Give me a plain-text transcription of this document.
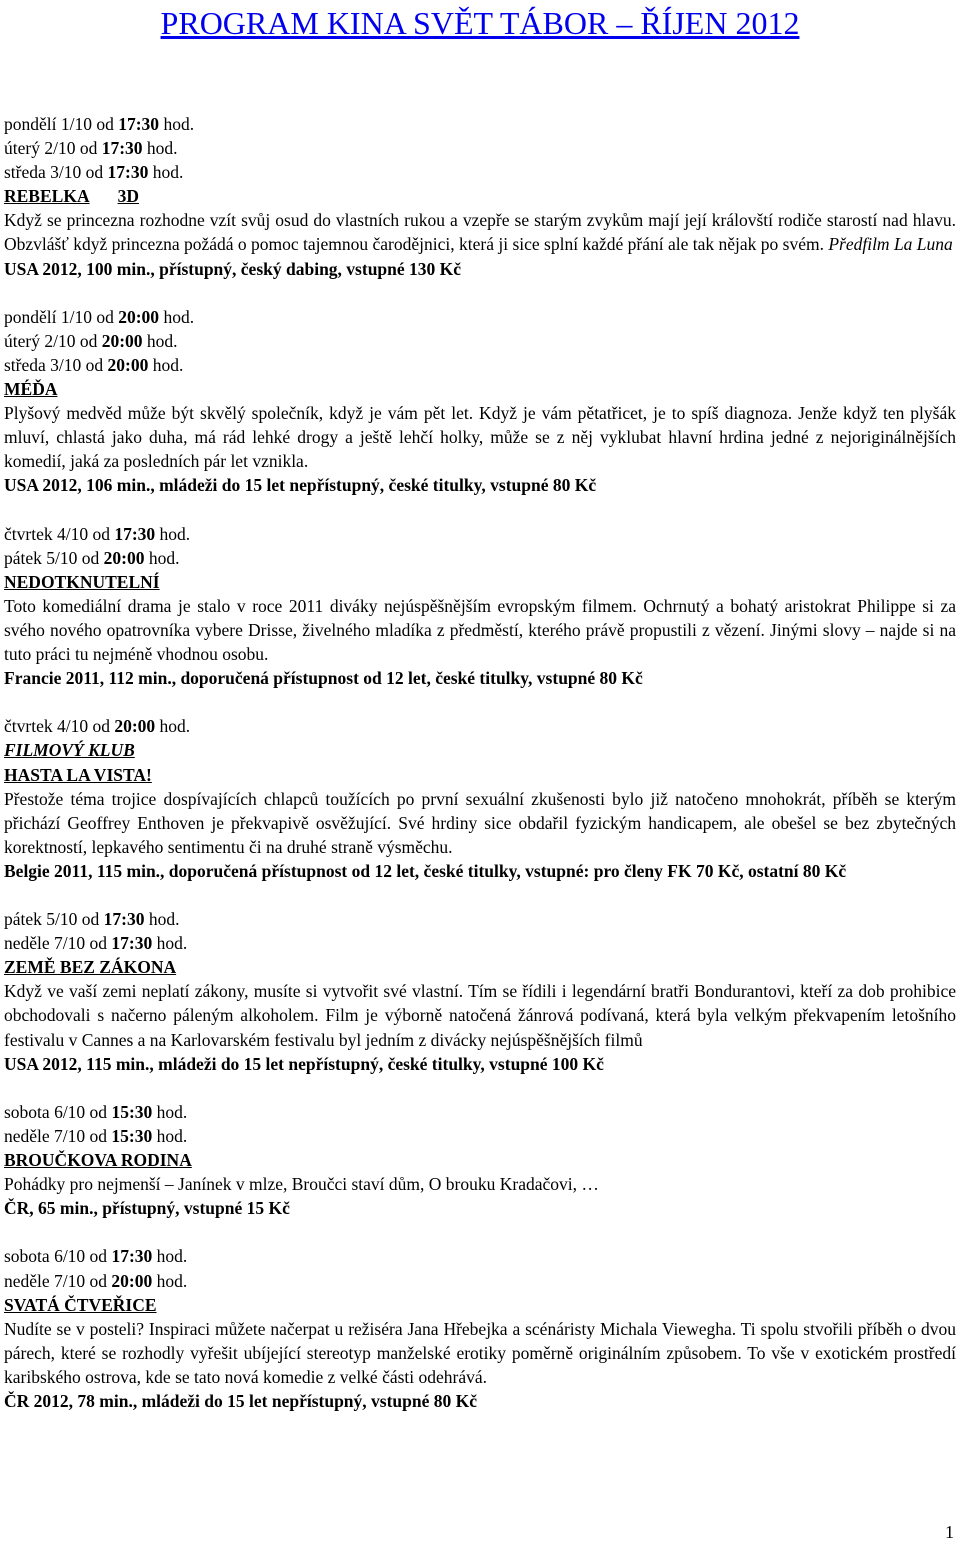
PROGRAM KINA SVĚT TÁBOR – ŘÍJEN 2012
pondělí 1/10 od 17:30 hod.
úterý 2/10 od 17:30 hod.
středa 3/10 od 17:30 hod.
REBELKA 3D
Když se princezna rozhodne vzít svůj osud do vlastních rukou a vzepře se starým zvykům mají její královští rodiče starostí nad hlavu. Obzvlášť když princezna požádá o pomoc tajemnou čarodějnici, která ji sice splní každé přání ale tak nějak po svém. Předfilm La Luna
USA 2012, 100 min., přístupný, český dabing, vstupné 130 Kč
pondělí 1/10 od 20:00 hod.
úterý 2/10 od 20:00 hod.
středa 3/10 od 20:00 hod.
MÉĎA
Plyšový medvěd může být skvělý společník, když je vám pět let. Když je vám pětatřicet, je to spíš diagnoza. Jenže když ten plyšák mluví, chlastá jako duha, má rád lehké drogy a ještě lehčí holky, může se z něj vyklubat hlavní hrdina jedné z nejoriginálnějších komedií, jaká za posledních pár let vznikla.
USA 2012, 106 min., mládeži do 15 let nepřístupný, české titulky, vstupné 80 Kč
čtvrtek 4/10 od 17:30 hod.
pátek 5/10 od 20:00 hod.
NEDOTKNUTELNÍ
Toto komediální drama je stalo v roce 2011 diváky nejúspěšnějším evropským filmem. Ochrnutý a bohatý aristokrat Philippe si za svého nového opatrovníka vybere Drisse, živelného mladíka z předměstí, kterého právě propustili z vězení. Jinými slovy – najde si na tuto práci tu nejméně vhodnou osobu.
Francie 2011, 112 min., doporučená přístupnost od 12 let, české titulky, vstupné 80 Kč
čtvrtek 4/10 od 20:00 hod.
FILMOVÝ KLUB
HASTA LA VISTA!
Přestože téma trojice dospívajících chlapců toužících po první sexuální zkušenosti bylo již natočeno mnohokrát, příběh se kterým přichází Geoffrey Enthoven je překvapivě osvěžující. Své hrdiny sice obdařil fyzickým handicapem, ale obešel se bez zbytečných korektností, lepkavého sentimentu či na druhé straně výsměchu.
Belgie 2011, 115 min., doporučená přístupnost od 12 let, české titulky, vstupné: pro členy FK 70 Kč, ostatní 80 Kč
pátek 5/10 od 17:30 hod.
neděle 7/10 od 17:30 hod.
ZEMĚ BEZ ZÁKONA
Když ve vaší zemi neplatí zákony, musíte si vytvořit své vlastní. Tím se řídili i legendární bratři Bondurantovi, kteří za dob prohibice obchodovali s načerno páleným alkoholem. Film je výborně natočená žánrová podívaná, která byla velkým překvapením letošního festivalu v Cannes a na Karlovarském festivalu byl jedním z divácky nejúspěšnějších filmů
USA 2012, 115 min., mládeži do 15 let nepřístupný, české titulky, vstupné 100 Kč
sobota 6/10 od 15:30 hod.
neděle 7/10 od 15:30 hod.
BROUČKOVA RODINA
Pohádky pro nejmenší – Janínek v mlze, Broučci staví dům, O brouku Kradačovi, …
ČR, 65 min., přístupný, vstupné 15 Kč
sobota 6/10 od 17:30 hod.
neděle 7/10 od 20:00 hod.
SVATÁ ČTVEŘICE
Nudíte se v posteli? Inspiraci můžete načerpat u režiséra Jana Hřebejka a scénáristy Michala Viewegha. Ti spolu stvořili příběh o dvou párech, které se rozhodly vyřešit ubíjející stereotyp manželské erotiky poměrně originálním způsobem. To vše v exotickém prostředí karibského ostrova, kde se tato nová komedie z velké části odehrává.
ČR 2012, 78 min., mládeži do 15 let nepřístupný, vstupné 80 Kč
1
